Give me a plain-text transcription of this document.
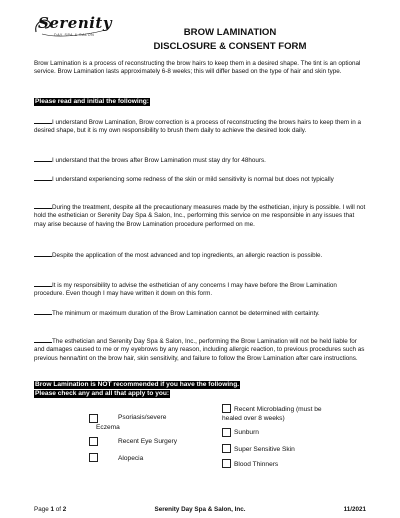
Serenity
DAY SPA & SALON	BROW LAMINATION
DISCLOSURE & CONSENT FORM

Brow Lamination is a process of reconstructing the brow hairs to keep them in a desired shape. The tint is an optional service. Brow Lamination lasts approximately 6-8 weeks; this will differ based on the type of hair and skin type.

Please read and initial the following:

I understand Brow Lamination, Brow correction is a process of reconstructing the brows hairs to keep them in a desired shape, but it is my own responsibility to brush them daily to achieve the desired look daily.

I understand that the brows after Brow Lamination must stay dry for 48hours.

I understand experiencing some redness of the skin or mild sensitivity is normal but does not typically

During the treatment, despite all the precautionary measures made by the esthetician, injury is possible. I will not hold the esthetician or Serenity Day Spa & Salon, Inc., performing this service on me responsible in any issues that may arise because of having the Brow Lamination procedure performed on me.

Despite the application of the most advanced and top ingredients, an allergic reaction is possible.

It is my responsibility to advise the esthetician of any concerns I may have before the Brow Lamination procedure. Even though I may have written it down on this form.

The minimum or maximum duration of the Brow Lamination cannot be determined with certainty.

The esthetician and Serenity Day Spa & Salon, Inc., performing the Brow Lamination will not be held liable for and damages caused to me or my eyebrows by any reason, including allergic reaction, to previous procedures such as previous henna/tint on the brow hair, skin sensitivity, and failure to follow the Brow Lamination after care instructions.

Brow Lamination is NOT recommended if you have the following.
Please check any and all that apply to you:
Psoriasis/severe
Eczema
Recent Eye Surgery
Alopecia
Recent Microblading (must be
healed over 8 weeks)
Sunburn
Super Sensitive Skin
Blood Thinners
Page 1 of 2	Serenity Day Spa & Salon, Inc.	11/2021
